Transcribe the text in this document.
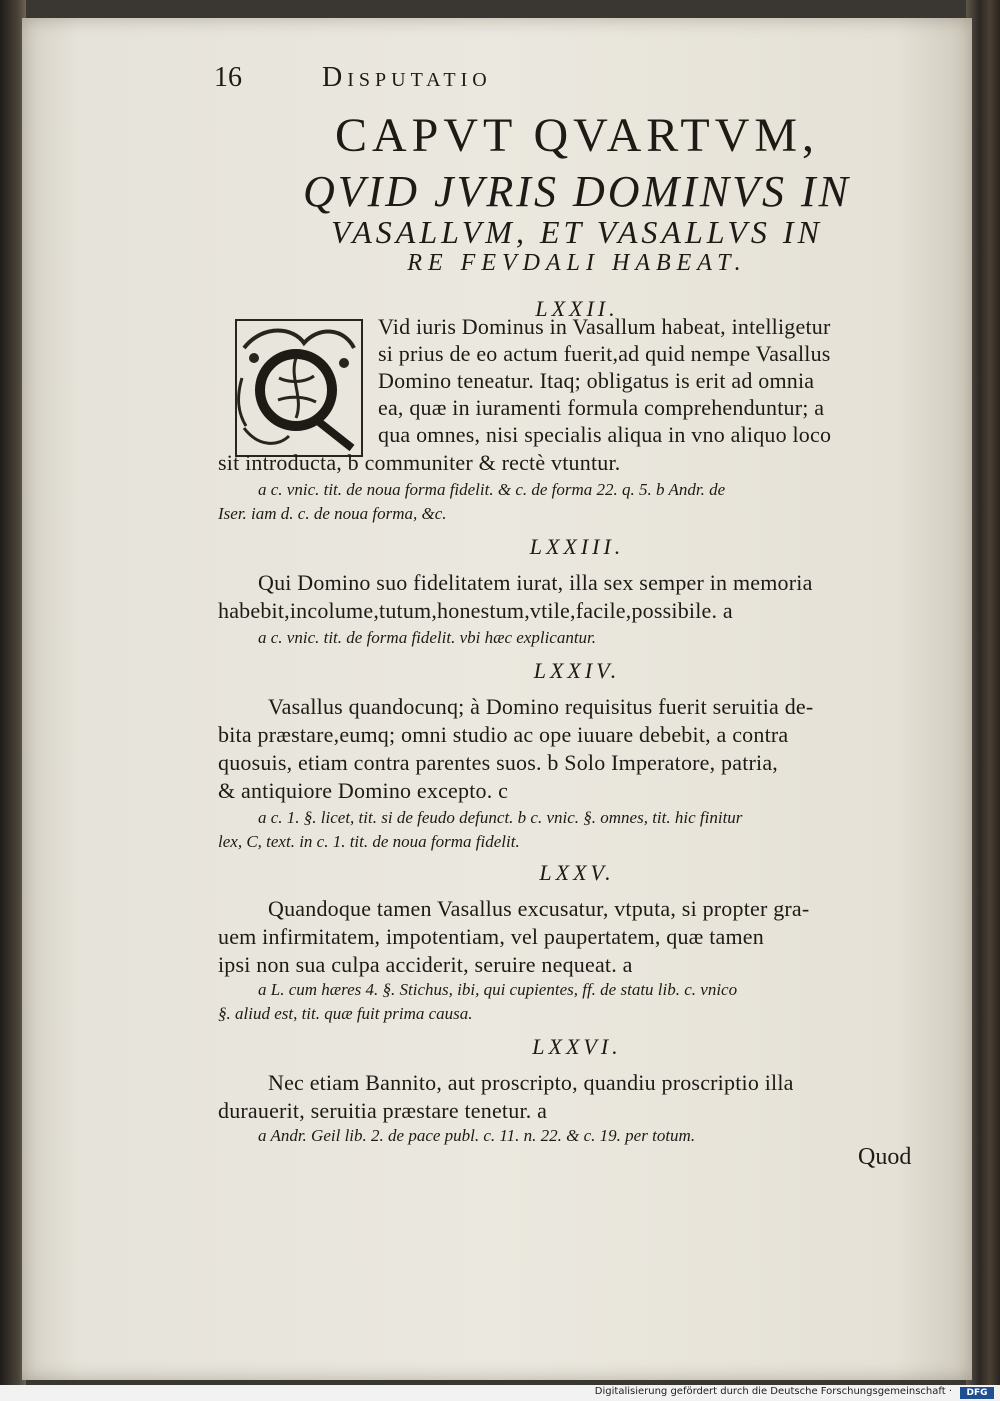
16	Disputatio
CAPVT QVARTVM,
QVID JVRIS DOMINVS IN
VASALLVM, ET VASALLVS IN
RE FEVDALI HABEAT.
LXXII.
Vid iuris Dominus in Vasallum habeat, intelligetur
si prius de eo actum fuerit,ad quid nempe Vasallus
Domino teneatur. Itaq; obligatus is erit ad omnia
ea, quæ in iuramenti formula comprehenduntur; a
qua omnes, nisi specialis aliqua in vno aliquo loco
sit introducta, b communiter & rectè vtuntur.
a c. vnic. tit. de noua forma fidelit. & c. de forma 22. q. 5. b Andr. de
Iser. iam d. c. de noua forma, &c.
LXXIII.
Qui Domino suo fidelitatem iurat, illa sex semper in memoria
habebit,incolume,tutum,honestum,vtile,facile,possibile. a
a c. vnic. tit. de forma fidelit. vbi hæc explicantur.
LXXIV.
Vasallus quandocunq; à Domino requisitus fuerit seruitia de-
bita præstare,eumq; omni studio ac ope iuuare debebit, a contra
quosuis, etiam contra parentes suos. b Solo Imperatore, patria,
& antiquiore Domino excepto. c
a c. 1. §. licet, tit. si de feudo defunct. b c. vnic. §. omnes, tit. hic finitur
lex, C, text. in c. 1. tit. de noua forma fidelit.
LXXV.
Quandoque tamen Vasallus excusatur, vtputa, si propter gra-
uem infirmitatem, impotentiam, vel paupertatem, quæ tamen
ipsi non sua culpa acciderit, seruire nequeat. a
a L. cum hæres 4. §. Stichus, ibi, qui cupientes, ff. de statu lib. c. vnico
§. aliud est, tit. quæ fuit prima causa.
LXXVI.
Nec etiam Bannito, aut proscripto, quandiu proscriptio illa
durauerit, seruitia præstare tenetur. a
a Andr. Geil lib. 2. de pace publ. c. 11. n. 22. & c. 19. per totum.
Quod
Digitalisierung gefördert durch die Deutsche Forschungsgemeinschaft ·	DFG
